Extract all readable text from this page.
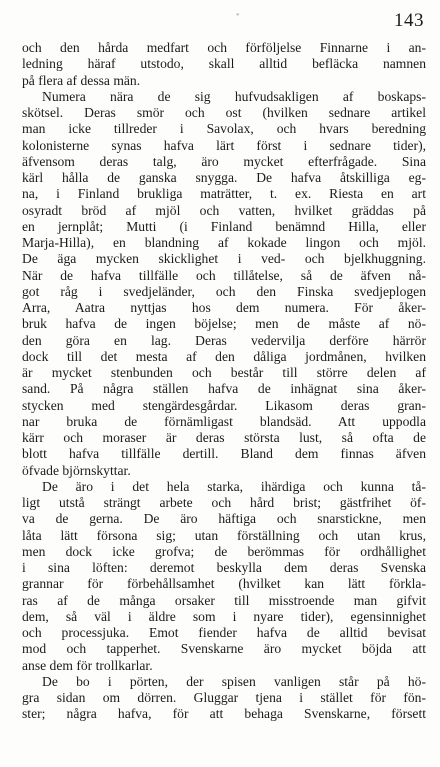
*	143
och den hårda medfart och förföljelse Finnarne i an-
ledning häraf utstodo, skall alltid befläcka namnen
på flera af dessa män.
Numera nära de sig hufvudsakligen af boskaps-
skötsel. Deras smör och ost (hvilken sednare artikel
man icke tillreder i Savolax, och hvars beredning
kolonisterne synas hafva lärt först i sednare tider),
äfvensom deras talg, äro mycket efterfrågade. Sina
kärl hålla de ganska snygga. De hafva åtskilliga eg-
na, i Finland brukliga maträtter, t. ex. Riesta en art
osyradt bröd af mjöl och vatten, hvilket gräddas på
en jernplåt; Mutti (i Finland benämnd Hilla, eller
Marja-Hilla), en blandning af kokade lingon och mjöl.
De äga mycken skicklighet i ved- och bjelkhuggning.
När de hafva tillfälle och tillåtelse, så de äfven nå-
got råg i svedjeländer, och den Finska svedjeplogen
Arra, Aatra nyttjas hos dem numera. För åker-
bruk hafva de ingen böjelse; men de måste af nö-
den göra en lag. Deras vedervilja derföre härrör
dock till det mesta af den dåliga jordmånen, hvilken
är mycket stenbunden och består till större delen af
sand. På några ställen hafva de inhägnat sina åker-
stycken med stengärdesgårdar. Likasom deras gran-
nar bruka de förnämligast blandsäd. Att uppodla
kärr och moraser är deras största lust, så ofta de
blott hafva tillfälle dertill. Bland dem finnas äfven
öfvade björnskyttar.
De äro i det hela starka, ihärdiga och kunna tå-
ligt utstå strängt arbete och hård brist; gästfrihet öf-
va de gerna. De äro häftiga och snarstickne, men
låta lätt försona sig; utan förställning och utan krus,
men dock icke grofva; de berömmas för ordhållighet
i sina löften: deremot beskylla dem deras Svenska
grannar för förbehållsamhet (hvilket kan lätt förkla-
ras af de många orsaker till misstroende man gifvit
dem, så väl i äldre som i nyare tider), egensinnighet
och processjuka. Emot fiender hafva de alltid bevisat
mod och tapperhet. Svenskarne äro mycket böjda att
anse dem för trollkarlar.
De bo i pörten, der spisen vanligen står på hö-
gra sidan om dörren. Gluggar tjena i stället för fön-
ster; några hafva, för att behaga Svenskarne, försett
